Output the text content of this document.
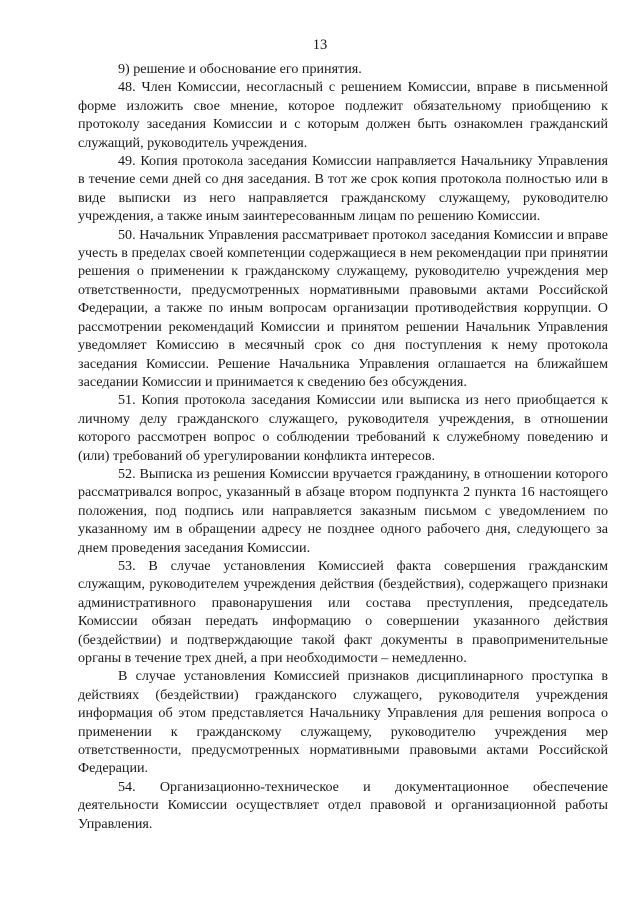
13

9) решение и обоснование его принятия.

48. Член Комиссии, несогласный с решением Комиссии, вправе в письменной форме изложить свое мнение, которое подлежит обязательному приобщению к протоколу заседания Комиссии и с которым должен быть ознакомлен гражданский служащий, руководитель учреждения.

49. Копия протокола заседания Комиссии направляется Начальнику Управления в течение семи дней со дня заседания. В тот же срок копия протокола полностью или в виде выписки из него направляется гражданскому служащему, руководителю учреждения, а также иным заинтересованным лицам по решению Комиссии.

50. Начальник Управления рассматривает протокол заседания Комиссии и вправе учесть в пределах своей компетенции содержащиеся в нем рекомендации при принятии решения о применении к гражданскому служащему, руководителю учреждения мер ответственности, предусмотренных нормативными правовыми актами Российской Федерации, а также по иным вопросам организации противодействия коррупции. О рассмотрении рекомендаций Комиссии и принятом решении Начальник Управления уведомляет Комиссию в месячный срок со дня поступления к нему протокола заседания Комиссии. Решение Начальника Управления оглашается на ближайшем заседании Комиссии и принимается к сведению без обсуждения.

51. Копия протокола заседания Комиссии или выписка из него приобщается к личному делу гражданского служащего, руководителя учреждения, в отношении которого рассмотрен вопрос о соблюдении требований к служебному поведению и (или) требований об урегулировании конфликта интересов.

52. Выписка из решения Комиссии вручается гражданину, в отношении которого рассматривался вопрос, указанный в абзаце втором подпункта 2 пункта 16 настоящего положения, под подпись или направляется заказным письмом с уведомлением по указанному им в обращении адресу не позднее одного рабочего дня, следующего за днем проведения заседания Комиссии.

53. В случае установления Комиссией факта совершения гражданским служащим, руководителем учреждения действия (бездействия), содержащего признаки административного правонарушения или состава преступления, председатель Комиссии обязан передать информацию о совершении указанного действия (бездействии) и подтверждающие такой факт документы в правоприменительные органы в течение трех дней, а при необходимости – немедленно.

В случае установления Комиссией признаков дисциплинарного проступка в действиях (бездействии) гражданского служащего, руководителя учреждения информация об этом представляется Начальнику Управления для решения вопроса о применении к гражданскому служащему, руководителю учреждения мер ответственности, предусмотренных нормативными правовыми актами Российской Федерации.

54. Организационно-техническое и документационное обеспечение деятельности Комиссии осуществляет отдел правовой и организационной работы Управления.
